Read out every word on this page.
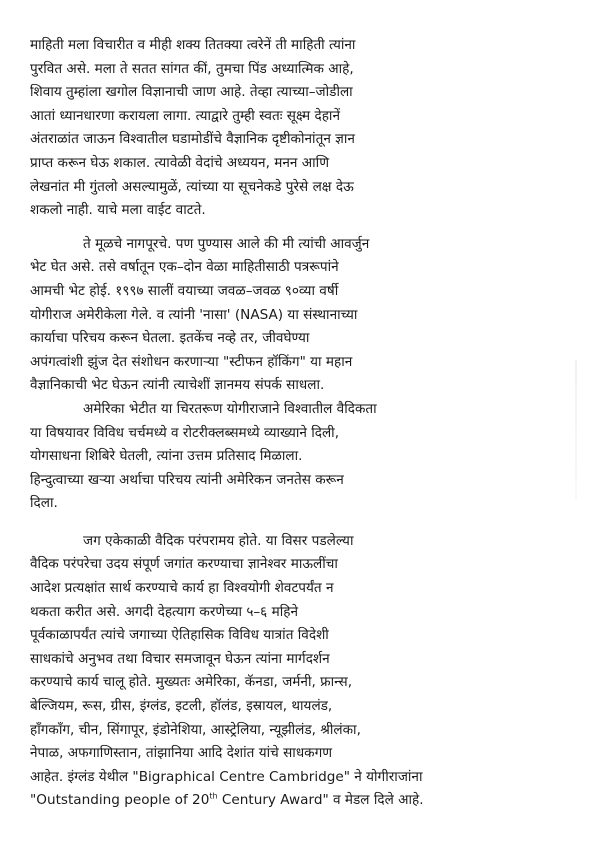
माहिती मला विचारीत व मीही शक्य तितक्या त्वरेनें ती माहिती त्यांना
पुरवित असे. मला ते सतत सांगत कीं, तुमचा पिंड अध्यात्मिक आहे,
शिवाय तुम्हांला खगोल विज्ञानाची जाण आहे. तेव्हा त्याच्या–जोडीला
आतां ध्यानधारणा करायला लागा. त्याद्वारे तुम्ही स्वतः सूक्ष्म देहानें
अंतराळांत जाऊन विश्वातील घडामोडींचे वैज्ञानिक दृष्टीकोनांतून ज्ञान
प्राप्त करून घेऊ शकाल. त्यावेळी वेदांचे अध्ययन, मनन आणि
लेखनांत मी गुंतलो असल्यामुळें, त्यांच्या या सूचनेकडे पुरेसे लक्ष देऊ
शकलो नाही. याचे मला वाईट वाटते.

ते मूळचे नागपूरचे. पण पुण्यास आले की मी त्यांची आवर्जुन
भेट घेत असे. तसे वर्षातून एक–दोन वेळा माहितीसाठी पत्ररूपांने
आमची भेट होई. १९९७ सालीं वयाच्या जवळ–जवळ ९०व्या वर्षी
योगीराज अमेरीकेला गेले. व त्यांनी 'नासा' (NASA) या संस्थानाच्या
कार्याचा परिचय करून घेतला. इतकेंच नव्हे तर, जीवघेण्या
अपंगत्वांशी झुंज देत संशोधन करणाऱ्या "स्टीफन हॉकिंग" या महान
वैज्ञानिकाची भेट घेऊन त्यांनी त्याचेशीं ज्ञानमय संपर्क साधला.

अमेरिका भेटीत या चिरतरूण योगीराजाने विश्वातील वैदिकता
या विषयावर विविध चर्चमध्ये व रोटरीक्लब्समध्ये व्याख्याने दिली,
योगसाधना शिबिरे घेतली, त्यांना उत्तम प्रतिसाद मिळाला.
हिन्दुत्वाच्या खऱ्या अर्थाचा परिचय त्यांनी अमेरिकन जनतेस करून
दिला.

जग एकेकाळी वैदिक परंपरामय होते. या विसर पडलेल्या
वैदिक परंपरेचा उदय संपूर्ण जगांत करण्याचा ज्ञानेश्वर माऊलींचा
आदेश प्रत्यक्षांत सार्थ करण्याचे कार्य हा विश्वयोगी शेवटपर्यंत न
थकता करीत असे. अगदी देहत्याग करणेच्या ५–६ महिने
पूर्वकाळापर्यंत त्यांचे जगाच्या ऐतिहासिक विविध यात्रांत विदेशी
साधकांचे अनुभव तथा विचार समजावून घेऊन त्यांना मार्गदर्शन
करण्याचे कार्य चालू होते. मुख्यतः अमेरिका, कॅनडा, जर्मनी, फ्रान्स,
बेल्जियम, रूस, ग्रीस, इंग्लंड, इटली, हॉलंड, इस्रायल, थायलंड,
हॉंगकॉंग, चीन, सिंगापूर, इंडोनेशिया, आस्ट्रेलिया, न्यूझीलंड, श्रीलंका,
नेपाळ, अफगाणिस्तान, तांझानिया आदि देशांत यांचे साधकगण
आहेत. इंग्लंड येथील "Bigraphical Centre Cambridge" ने योगीराजांना
"Outstanding people of 20th Century Award" व मेडल दिले आहे.
